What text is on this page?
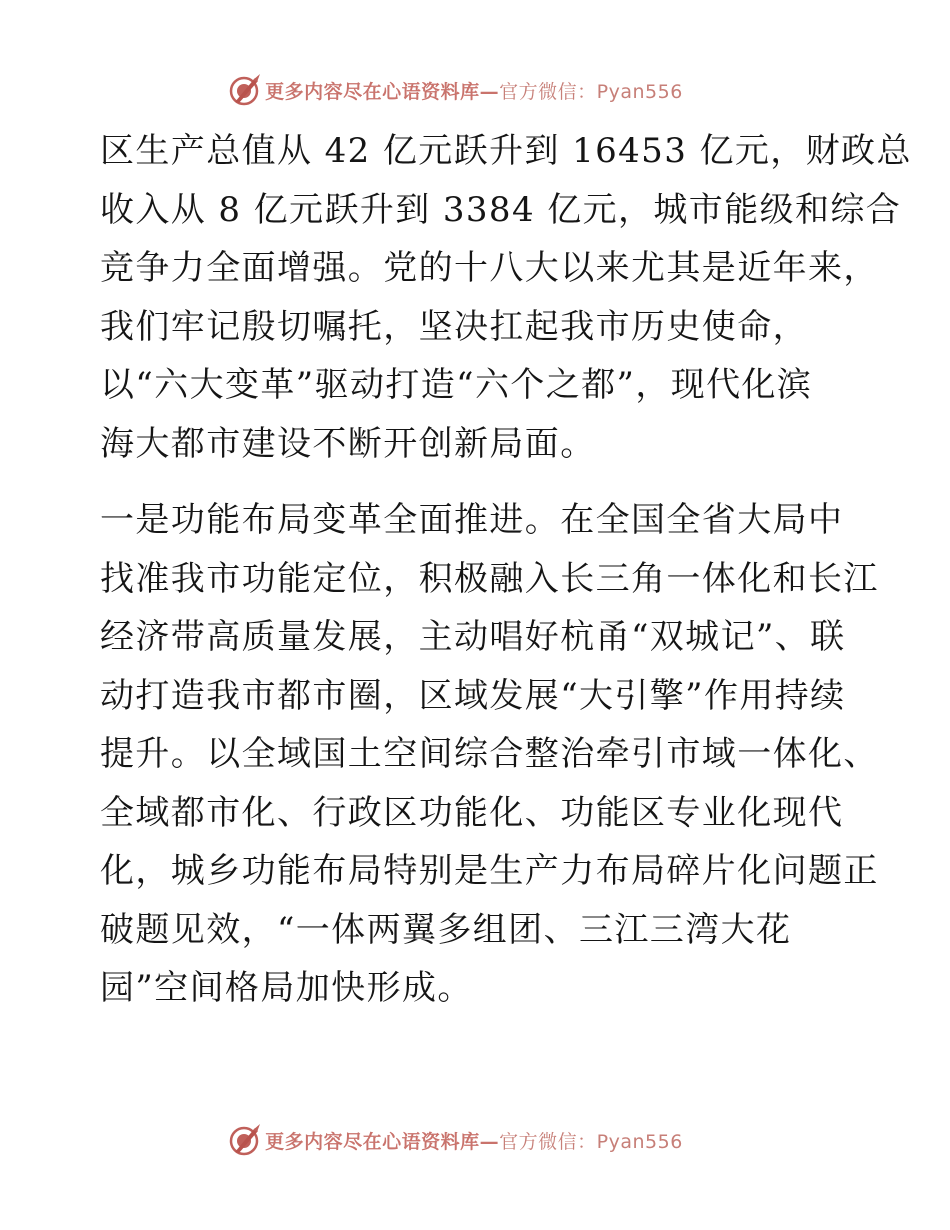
更多内容尽在心语资料库—官方微信：Pyan556
区生产总值从 42 亿元跃升到 16453 亿元，财政总
收入从 8 亿元跃升到 3384 亿元，城市能级和综合
竞争力全面增强。党的十八大以来尤其是近年来，
我们牢记殷切嘱托，坚决扛起我市历史使命，
以“六大变革”驱动打造“六个之都”，现代化滨
海大都市建设不断开创新局面。
一是功能布局变革全面推进。在全国全省大局中
找准我市功能定位，积极融入长三角一体化和长江
经济带高质量发展，主动唱好杭甬“双城记”、联
动打造我市都市圈，区域发展“大引擎”作用持续
提升。以全域国土空间综合整治牵引市域一体化、
全域都市化、行政区功能化、功能区专业化现代
化，城乡功能布局特别是生产力布局碎片化问题正
破题见效，“一体两翼多组团、三江三湾大花
园”空间格局加快形成。
更多内容尽在心语资料库—官方微信：Pyan556
